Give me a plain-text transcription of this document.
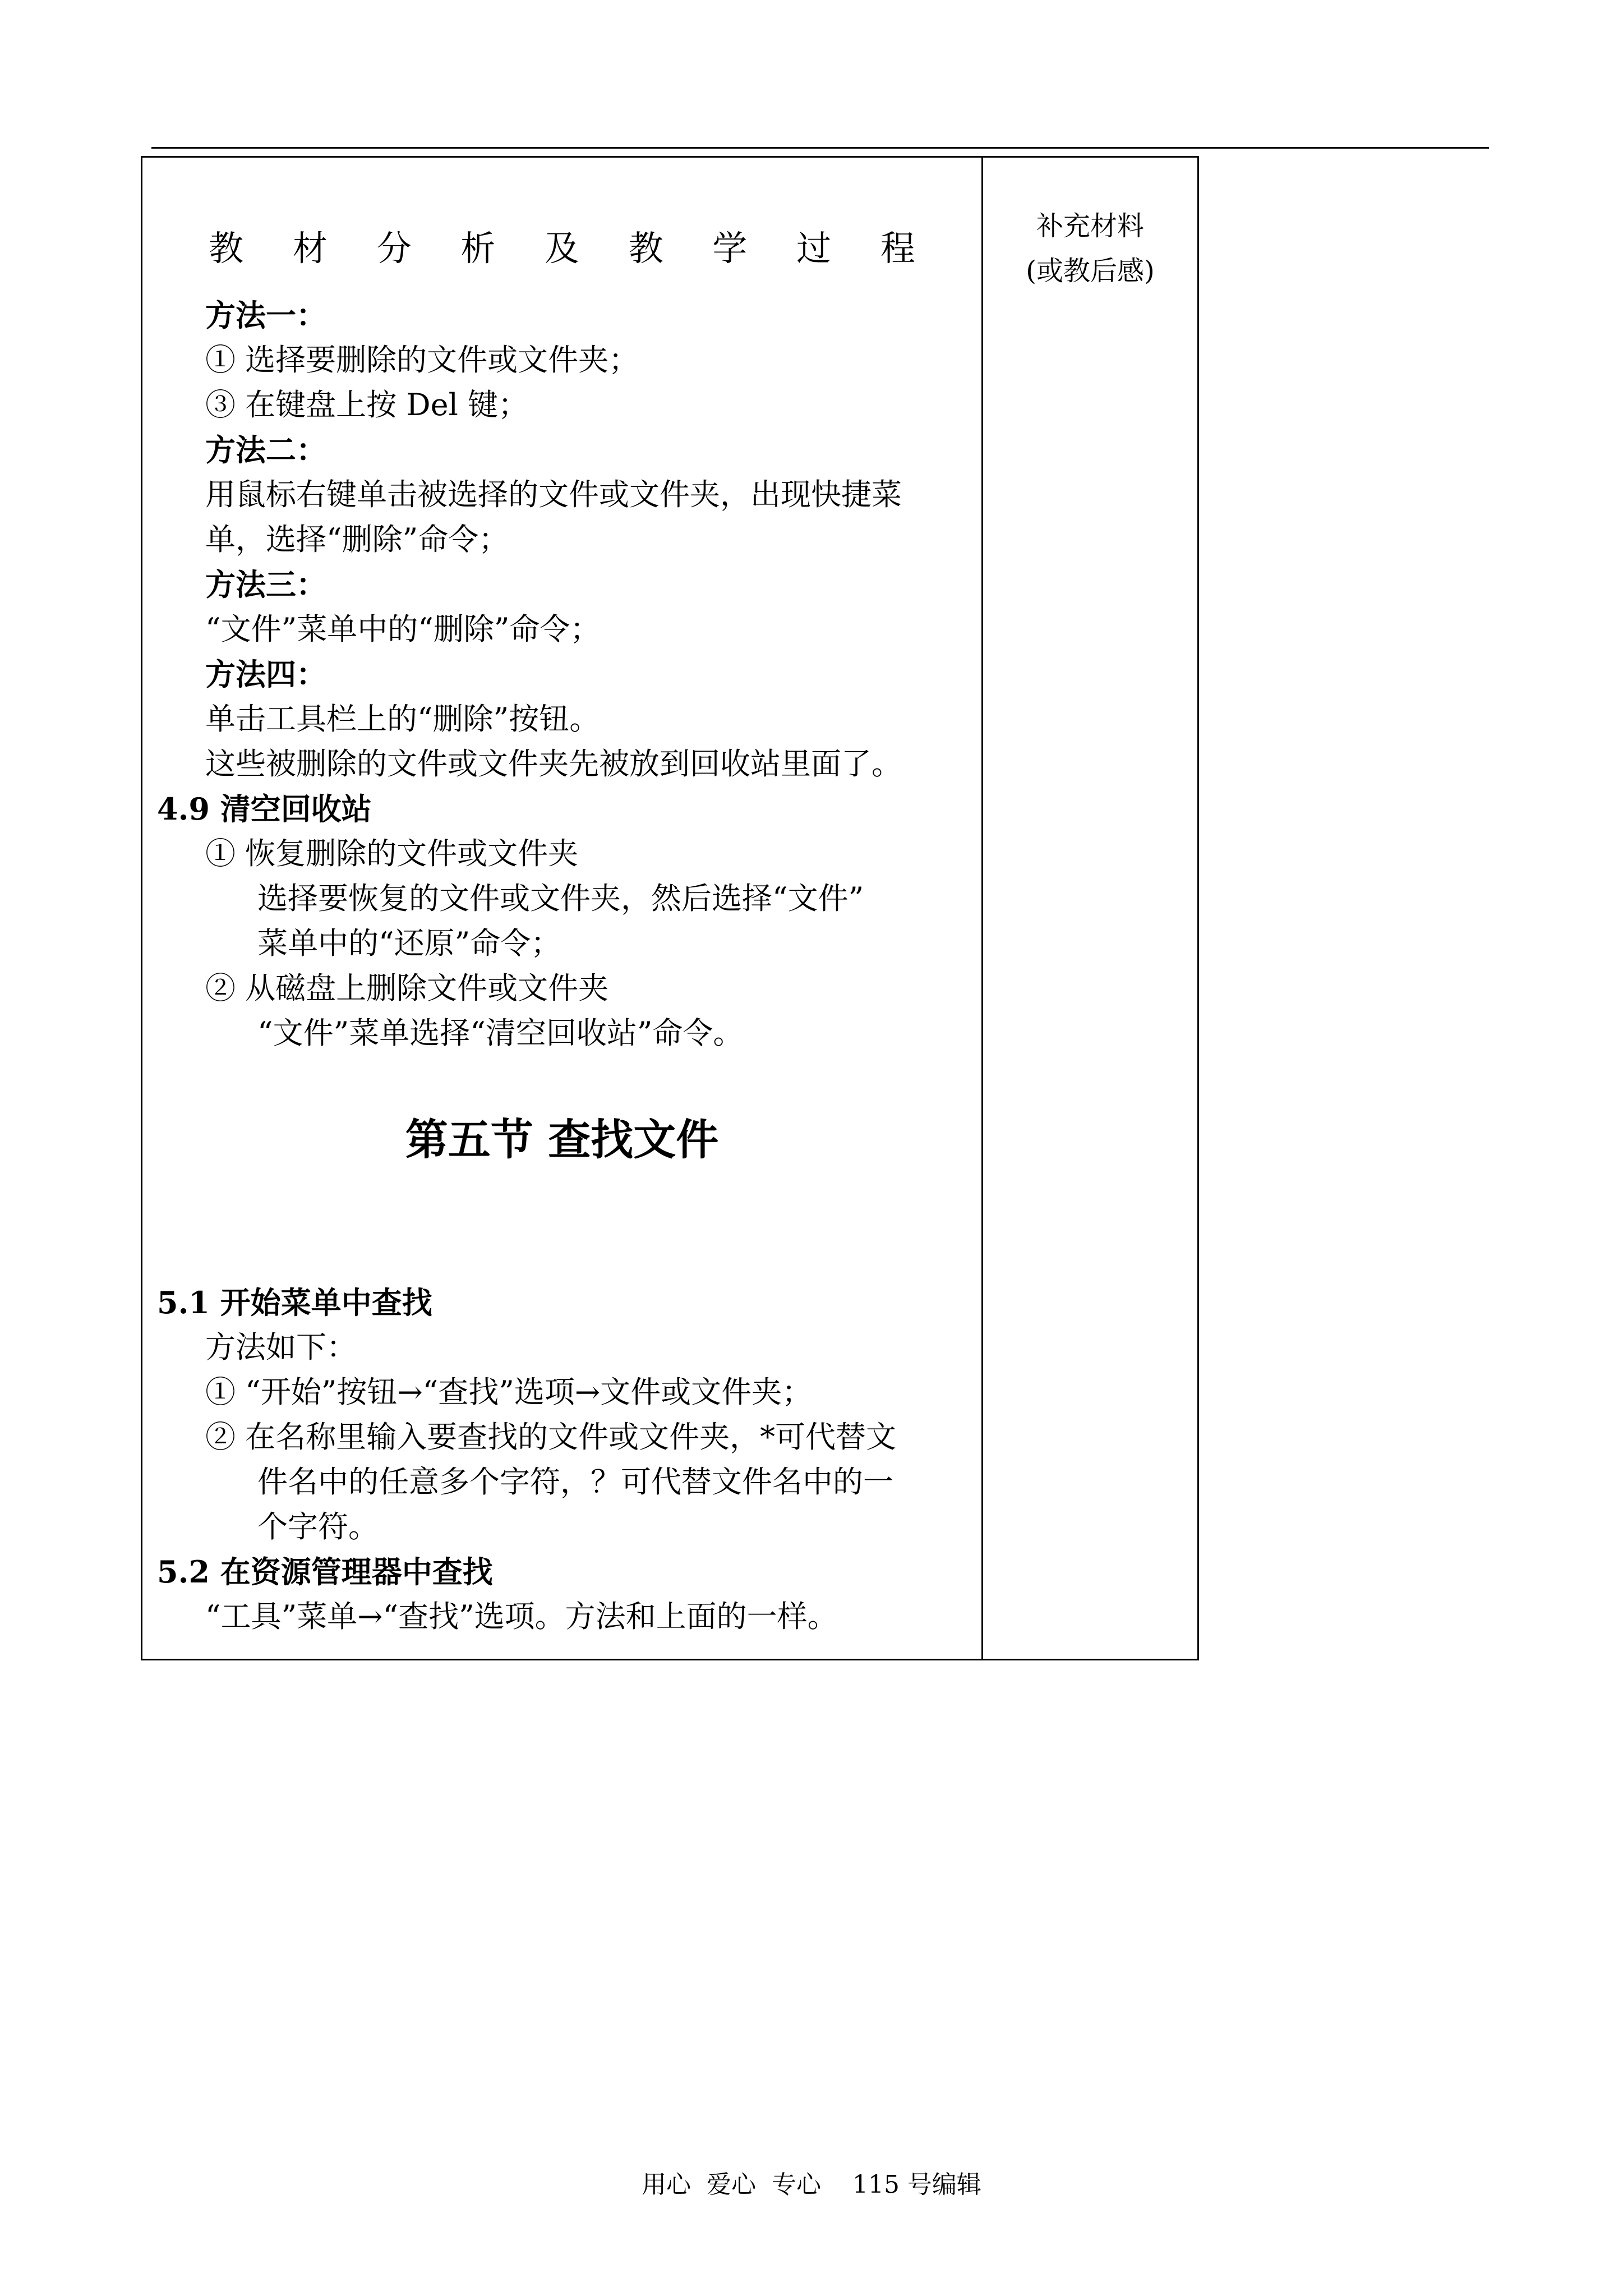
教 材 分 析 及 教 学 过 程
补充材料
(或教后感)
方法一：
① 选择要删除的文件或文件夹；
③ 在键盘上按 Del 键；
方法二：
用鼠标右键单击被选择的文件或文件夹，出现快捷菜
单，选择“删除”命令；
方法三：
“文件”菜单中的“删除”命令；
方法四：
单击工具栏上的“删除”按钮。
这些被删除的文件或文件夹先被放到回收站里面了。
4.9 清空回收站
① 恢复删除的文件或文件夹
选择要恢复的文件或文件夹，然后选择“文件”
菜单中的“还原”命令；
② 从磁盘上删除文件或文件夹
“文件”菜单选择“清空回收站”命令。
第五节 查找文件
5.1 开始菜单中查找
方法如下：
① “开始”按钮→“查找”选项→文件或文件夹；
② 在名称里输入要查找的文件或文件夹，*可代替文
件名中的任意多个字符，？可代替文件名中的一
个字符。
5.2 在资源管理器中查找
“工具”菜单→“查找”选项。方法和上面的一样。
用心  爱心  专心    115 号编辑
